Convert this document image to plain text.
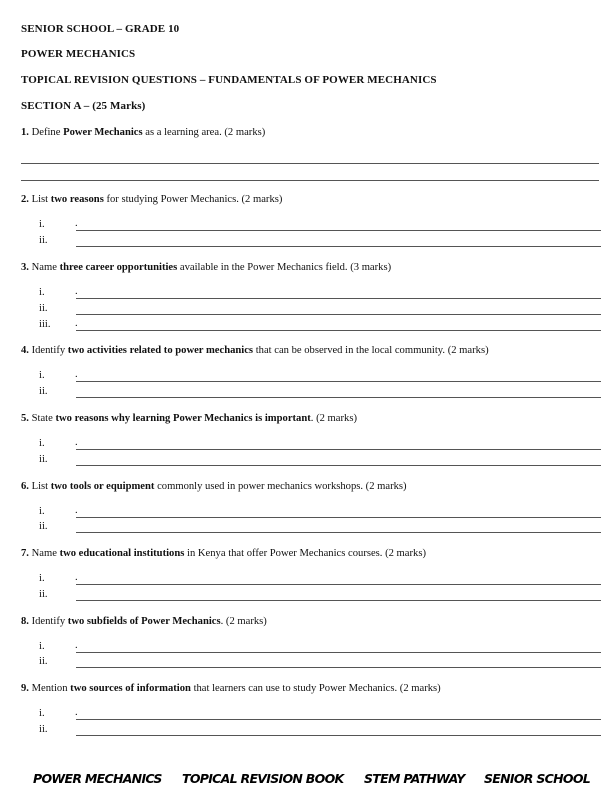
SENIOR SCHOOL – GRADE 10
POWER MECHANICS
TOPICAL REVISION QUESTIONS – FUNDAMENTALS OF POWER MECHANICS
SECTION A – (25 Marks)
1. Define Power Mechanics as a learning area. (2 marks)
2. List two reasons for studying Power Mechanics. (2 marks)
i.	.
ii.
3. Name three career opportunities available in the Power Mechanics field. (3 marks)
i.	.
ii.
iii. .
4. Identify two activities related to power mechanics that can be observed in the local community. (2 marks)
i.	.
ii.
5. State two reasons why learning Power Mechanics is important. (2 marks)
i.	.
ii.
6. List two tools or equipment commonly used in power mechanics workshops. (2 marks)
i.	.
ii.
7. Name two educational institutions in Kenya that offer Power Mechanics courses. (2 marks)
i.	.
ii.
8. Identify two subfields of Power Mechanics. (2 marks)
i.	.
ii.
9. Mention two sources of information that learners can use to study Power Mechanics. (2 marks)
i.	.
ii.
POWER MECHANICS TOPICAL REVISION BOOK STEM PATHWAY SENIOR SCHOOL
